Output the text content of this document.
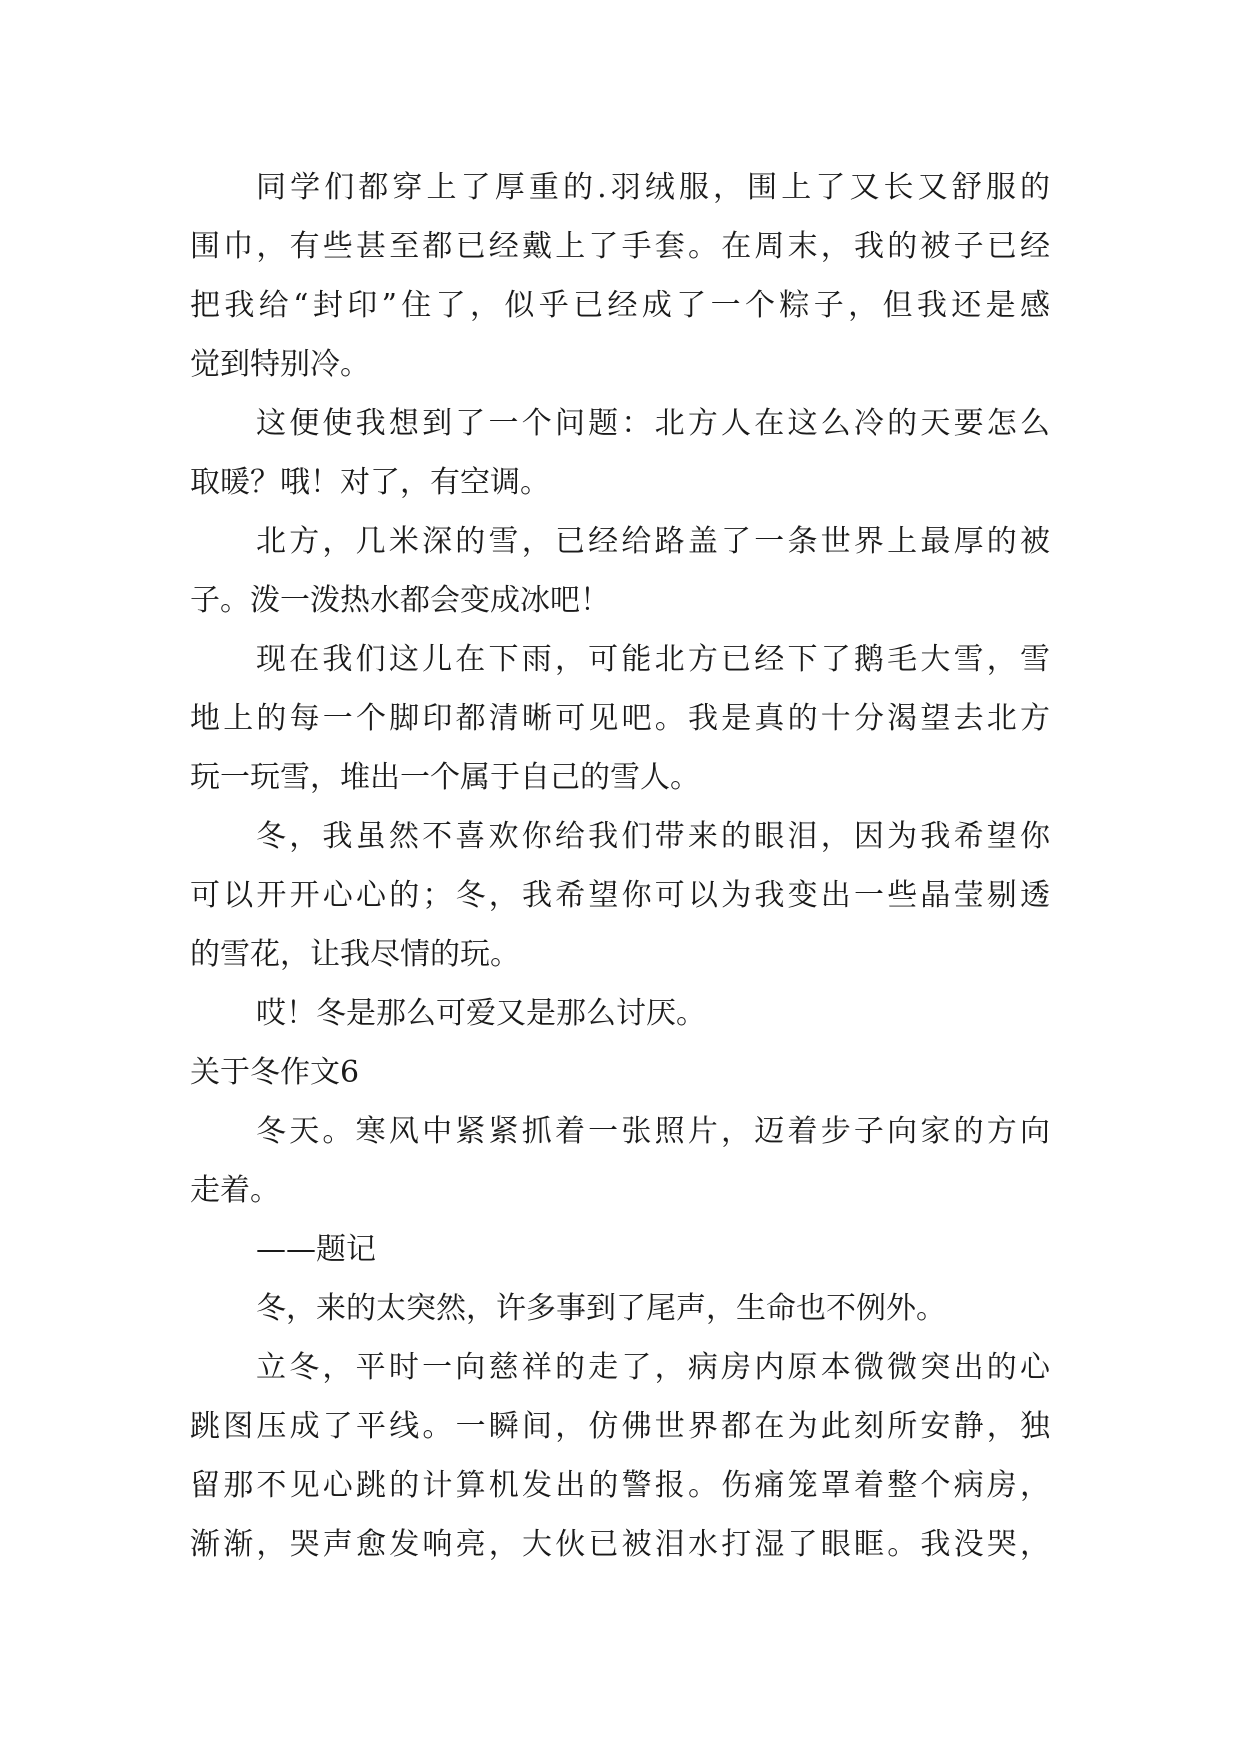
同学们都穿上了厚重的.羽绒服，围上了又长又舒服的
围巾，有些甚至都已经戴上了手套。在周末，我的被子已经
把我给“封印”住了，似乎已经成了一个粽子，但我还是感
觉到特别冷。
这便使我想到了一个问题：北方人在这么冷的天要怎么
取暖？哦！对了，有空调。
北方，几米深的雪，已经给路盖了一条世界上最厚的被
子。泼一泼热水都会变成冰吧！
现在我们这儿在下雨，可能北方已经下了鹅毛大雪，雪
地上的每一个脚印都清晰可见吧。我是真的十分渴望去北方
玩一玩雪，堆出一个属于自己的雪人。
冬，我虽然不喜欢你给我们带来的眼泪，因为我希望你
可以开开心心的；冬，我希望你可以为我变出一些晶莹剔透
的雪花，让我尽情的玩。
哎！冬是那么可爱又是那么讨厌。
关于冬作文6
冬天。寒风中紧紧抓着一张照片，迈着步子向家的方向
走着。
——题记
冬，来的太突然，许多事到了尾声，生命也不例外。
立冬，平时一向慈祥的走了，病房内原本微微突出的心
跳图压成了平线。一瞬间，仿佛世界都在为此刻所安静，独
留那不见心跳的计算机发出的警报。伤痛笼罩着整个病房，
渐渐，哭声愈发响亮，大伙已被泪水打湿了眼眶。我没哭，
